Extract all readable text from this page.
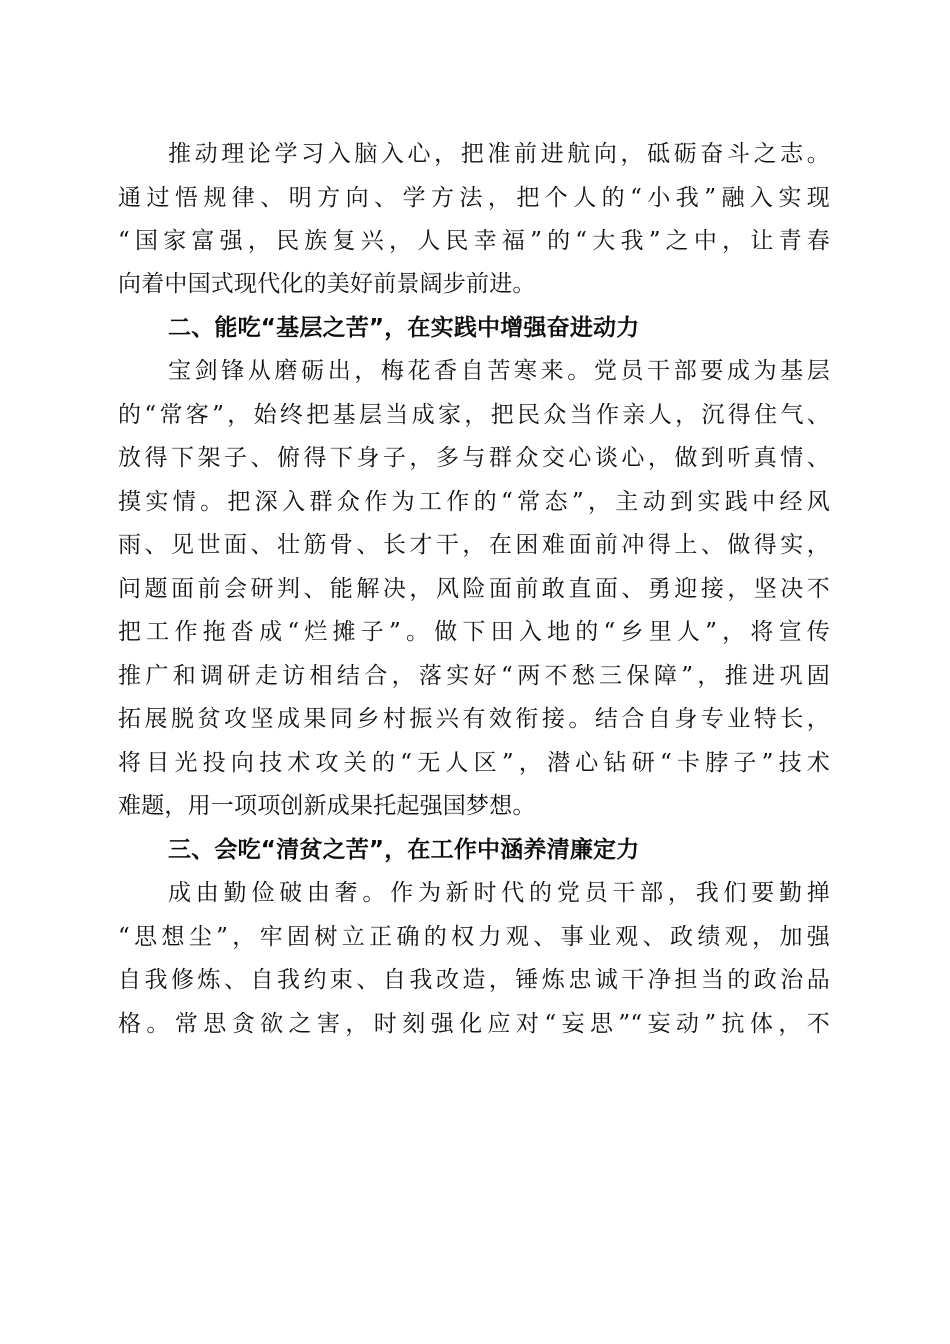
推动理论学习入脑入心，把准前进航向，砥砺奋斗之志。
通过悟规律、明方向、学方法，把个人的“小我”融入实现
“国家富强，民族复兴，人民幸福”的“大我”之中，让青春
向着中国式现代化的美好前景阔步前进。
二、能吃“基层之苦”，在实践中增强奋进动力
宝剑锋从磨砺出，梅花香自苦寒来。党员干部要成为基层
的“常客”，始终把基层当成家，把民众当作亲人，沉得住气、
放得下架子、俯得下身子，多与群众交心谈心，做到听真情、
摸实情。把深入群众作为工作的“常态”，主动到实践中经风
雨、见世面、壮筋骨、长才干，在困难面前冲得上、做得实，
问题面前会研判、能解决，风险面前敢直面、勇迎接，坚决不
把工作拖沓成“烂摊子”。做下田入地的“乡里人”，将宣传
推广和调研走访相结合，落实好“两不愁三保障”，推进巩固
拓展脱贫攻坚成果同乡村振兴有效衔接。结合自身专业特长，
将目光投向技术攻关的“无人区”，潜心钻研“卡脖子”技术
难题，用一项项创新成果托起强国梦想。
三、会吃“清贫之苦”，在工作中涵养清廉定力
成由勤俭破由奢。作为新时代的党员干部，我们要勤掸
“思想尘”，牢固树立正确的权力观、事业观、政绩观，加强
自我修炼、自我约束、自我改造，锤炼忠诚干净担当的政治品
格。常思贪欲之害，时刻强化应对“妄思”“妄动”抗体，不
